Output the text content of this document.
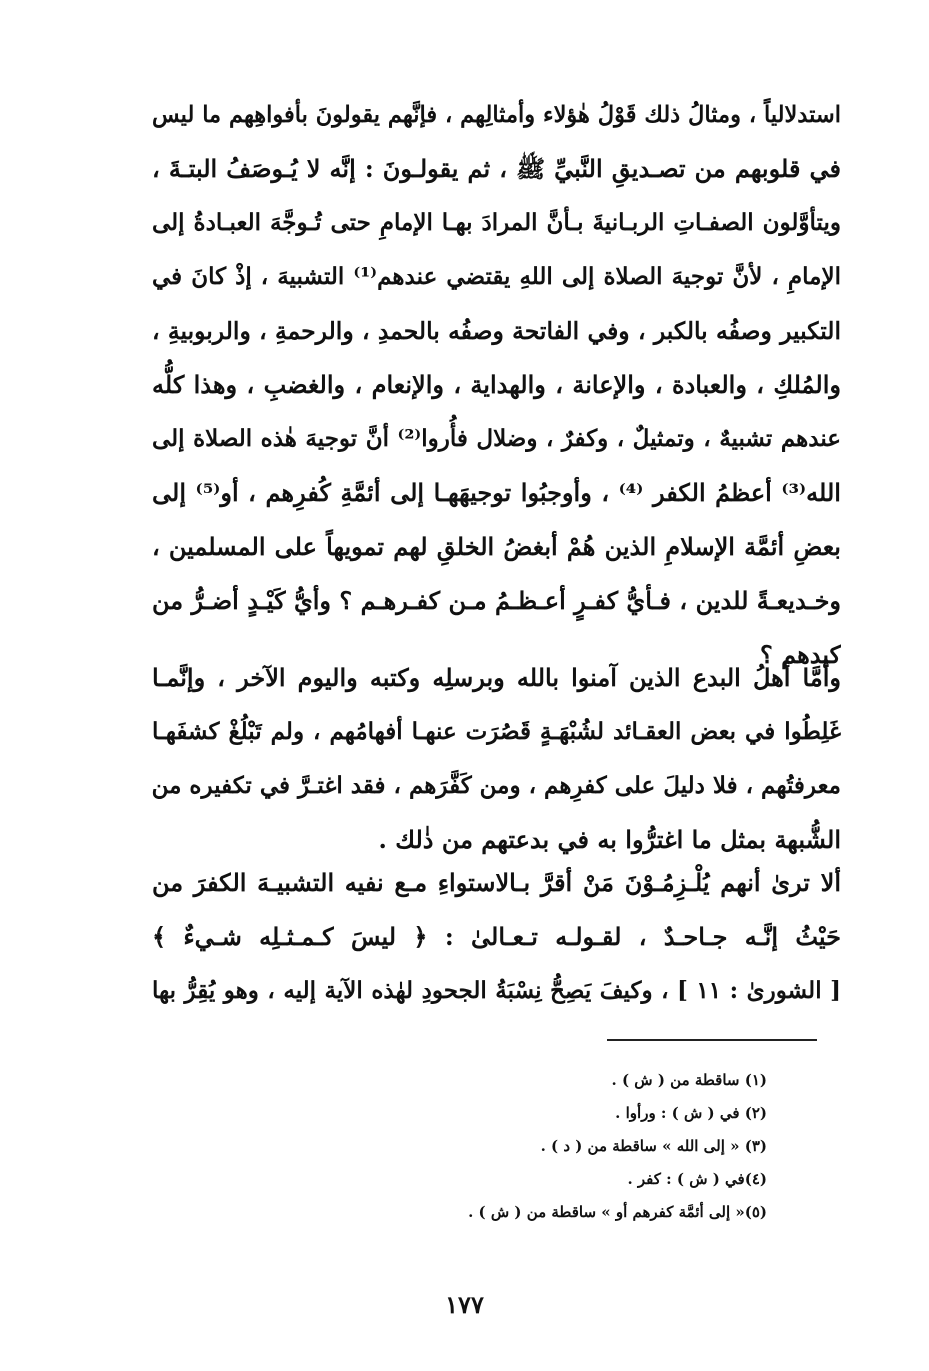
استدلالياً ، ومثالُ ذلك قَوْلُ هٰؤلاء وأمثالِهم ، فإنَّهم يقولونَ بأفواهِهم ما ليس
في قلوبهم من تصـديقِ النَّبيِّ ﷺ ، ثم يقولـونَ : إنَّه لا يُـوصَفُ البتـةَ ،
ويتأوَّلون الصفـاتِ الربـانيةَ بـأنَّ المرادَ بهـا الإمامِ حتى تُـوجَّهَ العبـادةُ إلى
الإمامِ ، لأنَّ توجيهَ الصلاة إلى اللهِ يقتضي عندهم⁽¹⁾ التشبيهَ ، إذْ كانَ في
التكبير وصفُه بالكبر ، وفي الفاتحة وصفُه بالحمدِ ، والرحمةِ ، والربوبيةِ ،
والمُلكِ ، والعبادة ، والإعانة ، والهداية ، والإنعام ، والغضبِ ، وهذا كلُّه
عندهم تشبيهٌ ، وتمثيلٌ ، وكفرٌ ، وضلال فأُروا⁽²⁾ أنَّ توجيهَ هٰذه الصلاة إلى
الله⁽³⁾ أعظمُ الكفر ⁽⁴⁾ ، وأوجبُوا توجيهَهـا إلى أئمَّةِ كُفرِهم ، أو⁽⁵⁾ إلى
بعضِ أئمَّة الإسلامِ الذين هُمْ أبغضُ الخلقِ لهم تمويهاً على المسلمين ،
وخـديعـةً للدين ، فـأيُّ كفـرٍ أعـظـمُ مـن كفـرهـم ؟ وأيُّ كَيْـدٍ أضـرُّ من
كيدهم ؟
وأمَّا أهلُ البدع الذين آمنوا بالله وبرسلِه وكتبه واليوم الآخر ، وإنَّمـا
غَلِطُوا في بعض العقـائد لشُبْهَـةٍ قَصُرَت عنهـا أفهامُهم ، ولم تَبْلُغْ كشفَهـا
معرفتُهم ، فلا دليلَ على كفرِهم ، ومن كَفَّرَهم ، فقد اغتـرَّ في تكفيره من
الشُّبهة بمثل ما اغترُّوا به في بدعتهم من ذٰلك .
ألا ترىٰ أنهم يُلْـزِمُـوْنَ مَنْ أقرَّ بـالاستواءِ مـع نفيه التشبيـهَ الكفرَ من
حَيْثُ إنَّـه جـاحـدٌ ، لقـولـه تـعـالىٰ : ﴿ ليسَ كـمـثـلِه شـيءٌ ﴾
[ الشورىٰ : ١١ ] ، وكيفَ يَصِحُّ نِسْبَةُ الجحودِ لهٰذه الآية إليه ، وهو يُقِرُّ بها
(١) ساقطة من ( ش ) .
(٢) في ( ش ) : ورأوا .
(٣) « إلى الله » ساقطة من ( د ) .
(٤)في ( ش ) : كفر .
(٥)« إلى أئمَّة كفرهم أو » ساقطة من ( ش ) .
١٧٧
